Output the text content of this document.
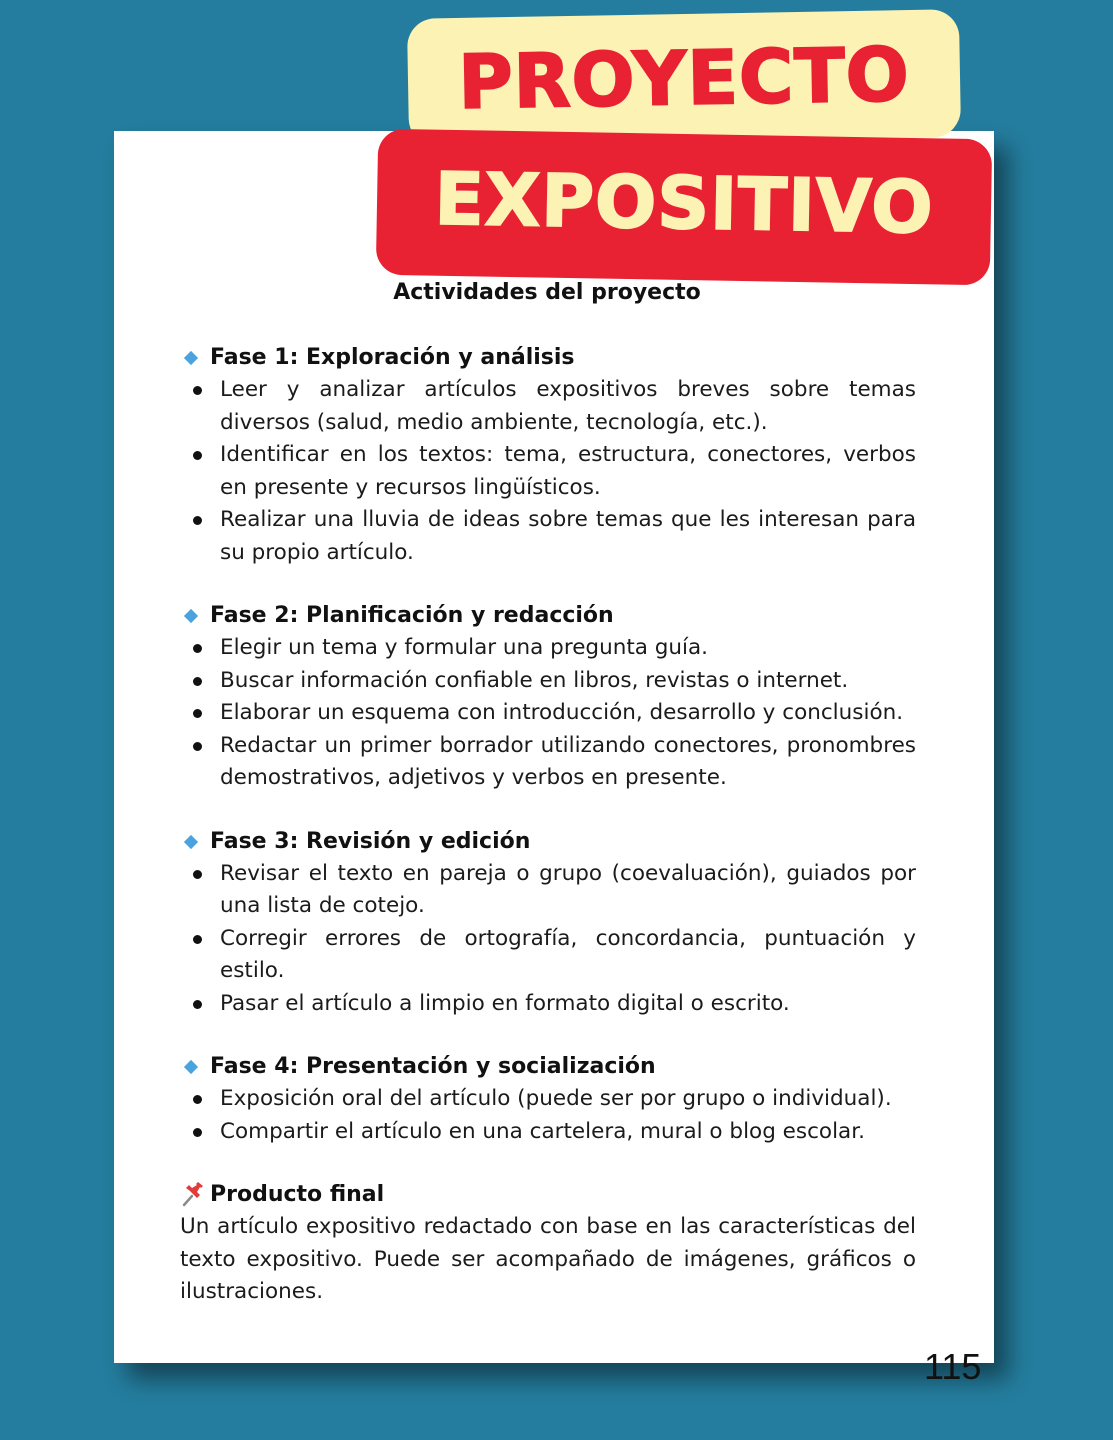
PROYECTO
EXPOSITIVO
Actividades del proyecto
Fase 1: Exploración y análisis
Leer y analizar artículos expositivos breves sobre temas diversos (salud, medio ambiente, tecnología, etc.).
Identificar en los textos: tema, estructura, conectores, verbos en presente y recursos lingüísticos.
Realizar una lluvia de ideas sobre temas que les interesan para su propio artículo.
Fase 2: Planificación y redacción
Elegir un tema y formular una pregunta guía.
Buscar información confiable en libros, revistas o internet.
Elaborar un esquema con introducción, desarrollo y conclusión.
Redactar un primer borrador utilizando conectores, pronombres demostrativos, adjetivos y verbos en presente.
Fase 3: Revisión y edición
Revisar el texto en pareja o grupo (coevaluación), guiados por una lista de cotejo.
Corregir errores de ortografía, concordancia, puntuación y estilo.
Pasar el artículo a limpio en formato digital o escrito.
Fase 4: Presentación y socialización
Exposición oral del artículo (puede ser por grupo o individual).
Compartir el artículo en una cartelera, mural o blog escolar.
Producto final

Un artículo expositivo redactado con base en las características del texto expositivo. Puede ser acompañado de imágenes, gráficos o ilustraciones.

115
